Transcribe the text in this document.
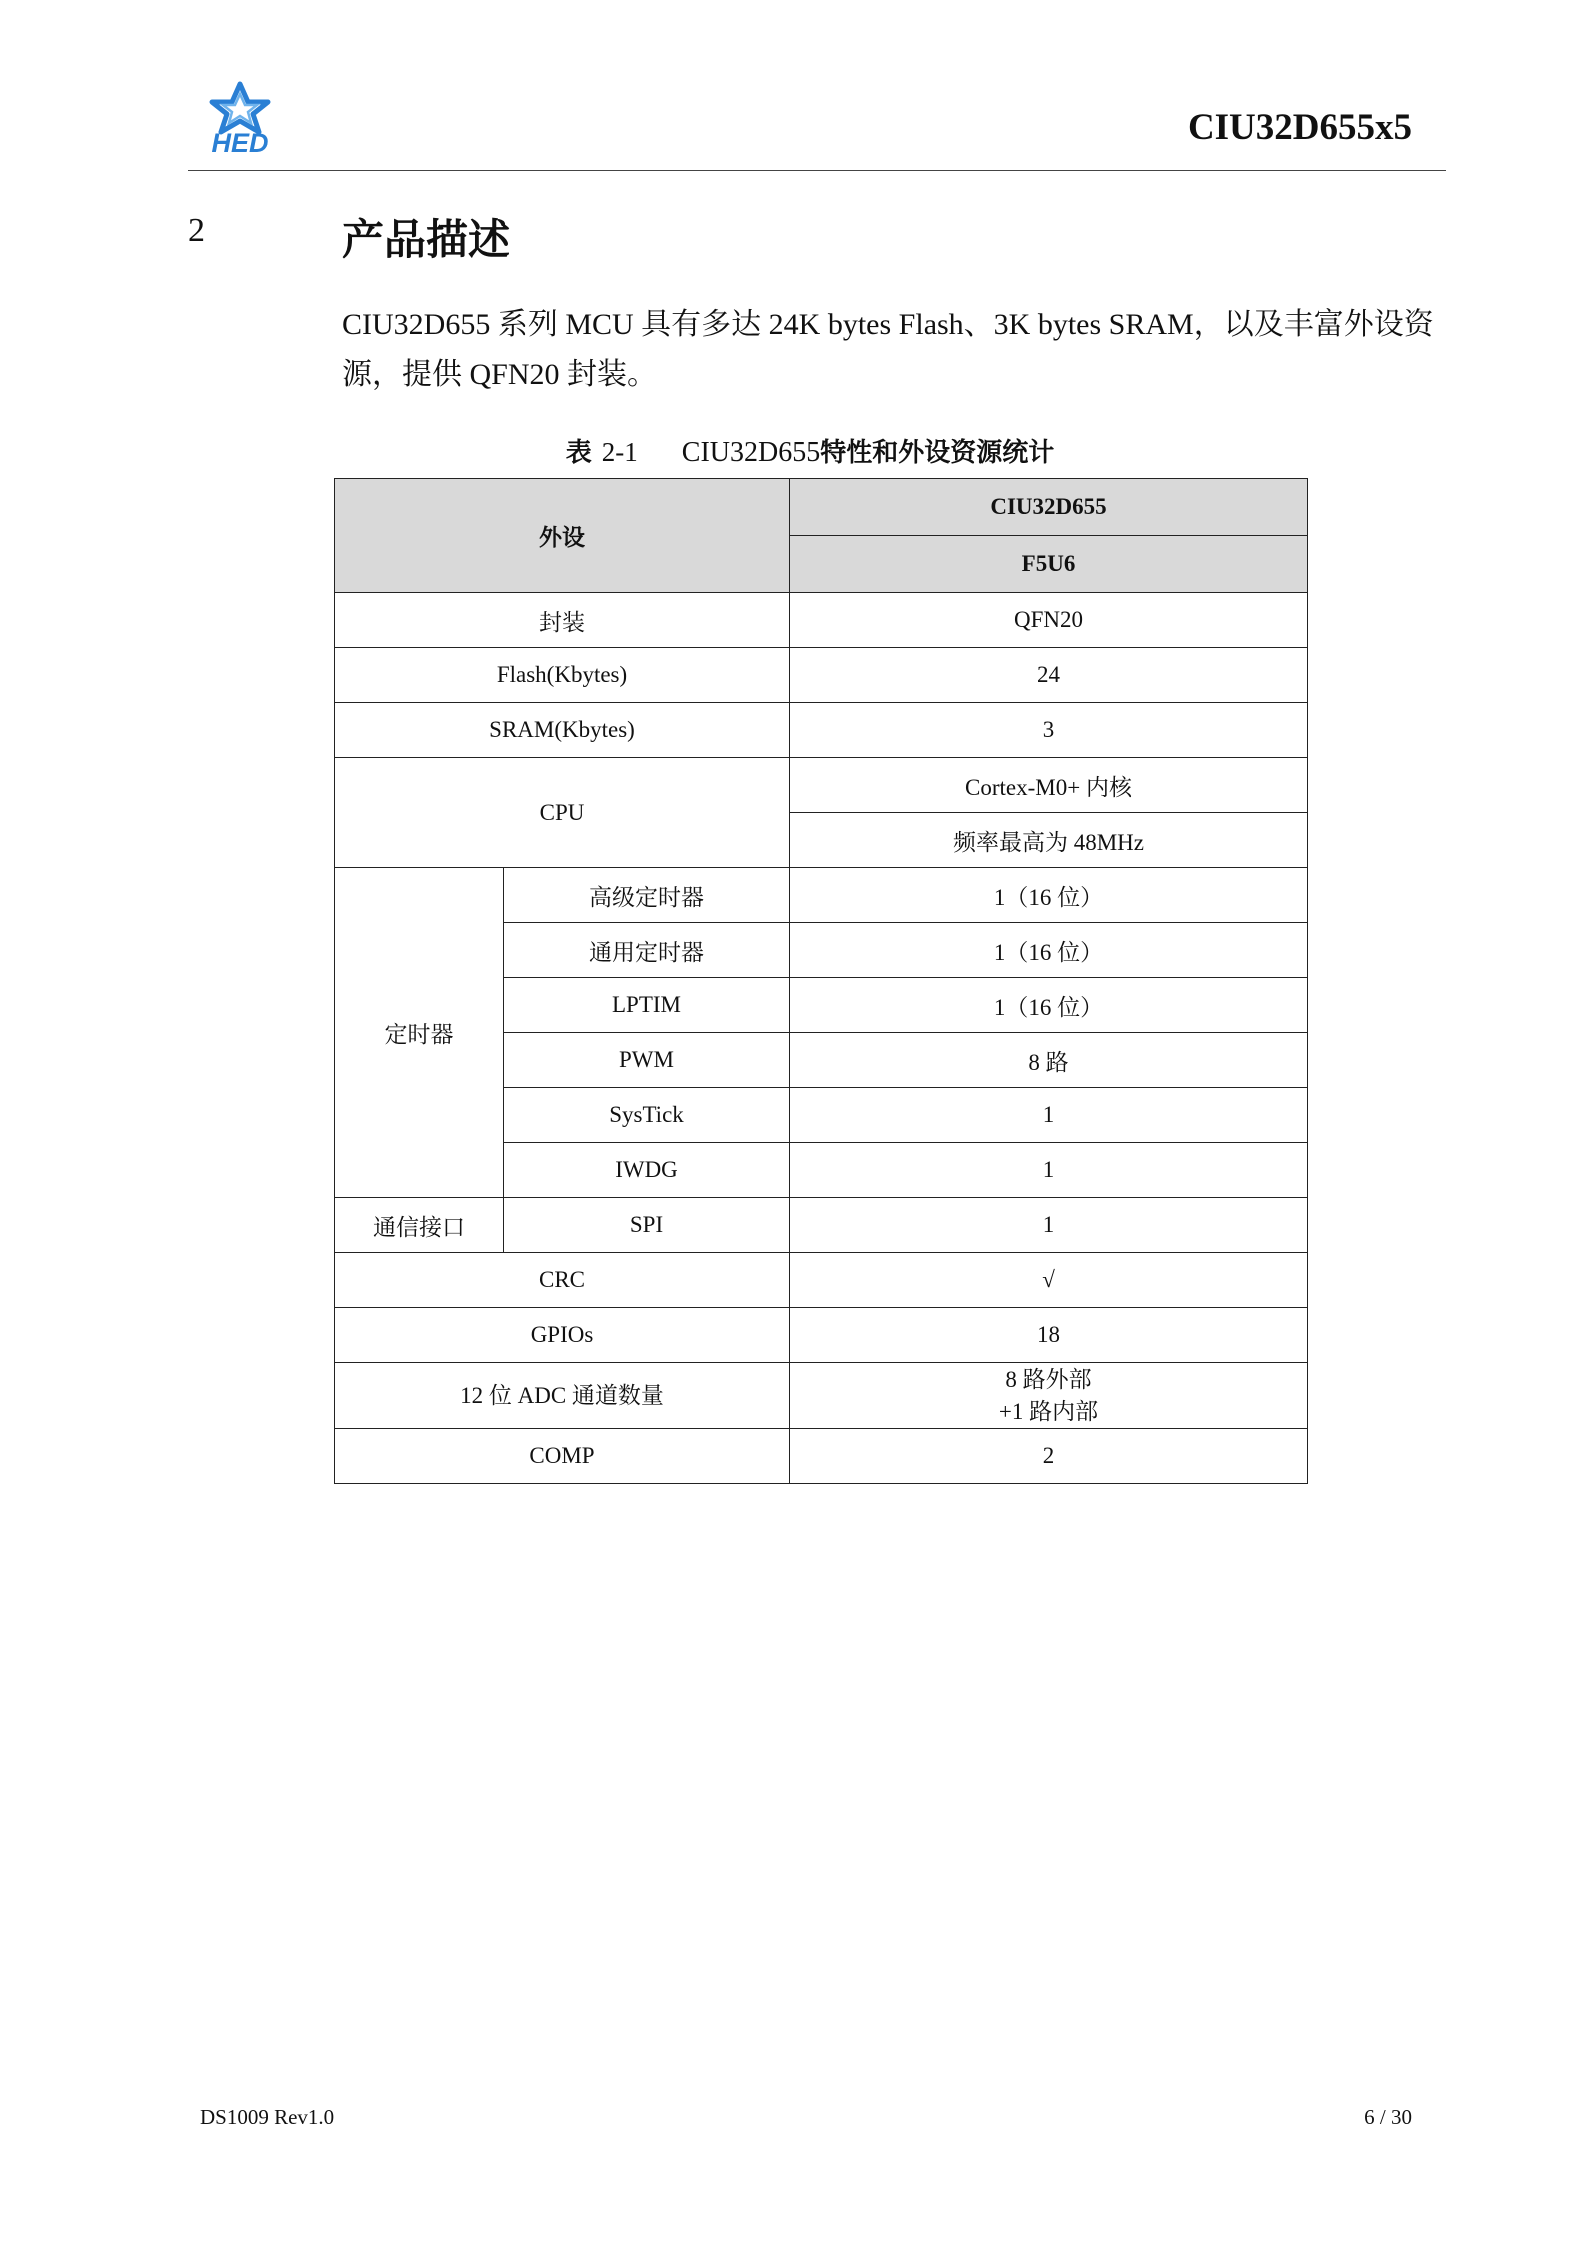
HED	CIU32D655x5
2	产品描述
CIU32D655 系列 MCU 具有多达 24K bytes Flash、3K bytes SRAM，以及丰富外设资源，提供 QFN20 封装。
表 2-1 CIU32D655特性和外设资源统计
外设		CIU32D655
		F5U6
封装		QFN20
Flash(Kbytes)		24
SRAM(Kbytes)		3
CPU		Cortex-M0+ 内核
		频率最高为 48MHz
定时器	高级定时器	1（16 位）
	通用定时器	1（16 位）
	LPTIM	1（16 位）
	PWM	8 路
	SysTick	1
	IWDG	1
通信接口	SPI	1
CRC		√
GPIOs		18
12 位 ADC 通道数量		8 路外部
+1 路内部

COMP		2
DS1009 Rev1.0	6 / 30
